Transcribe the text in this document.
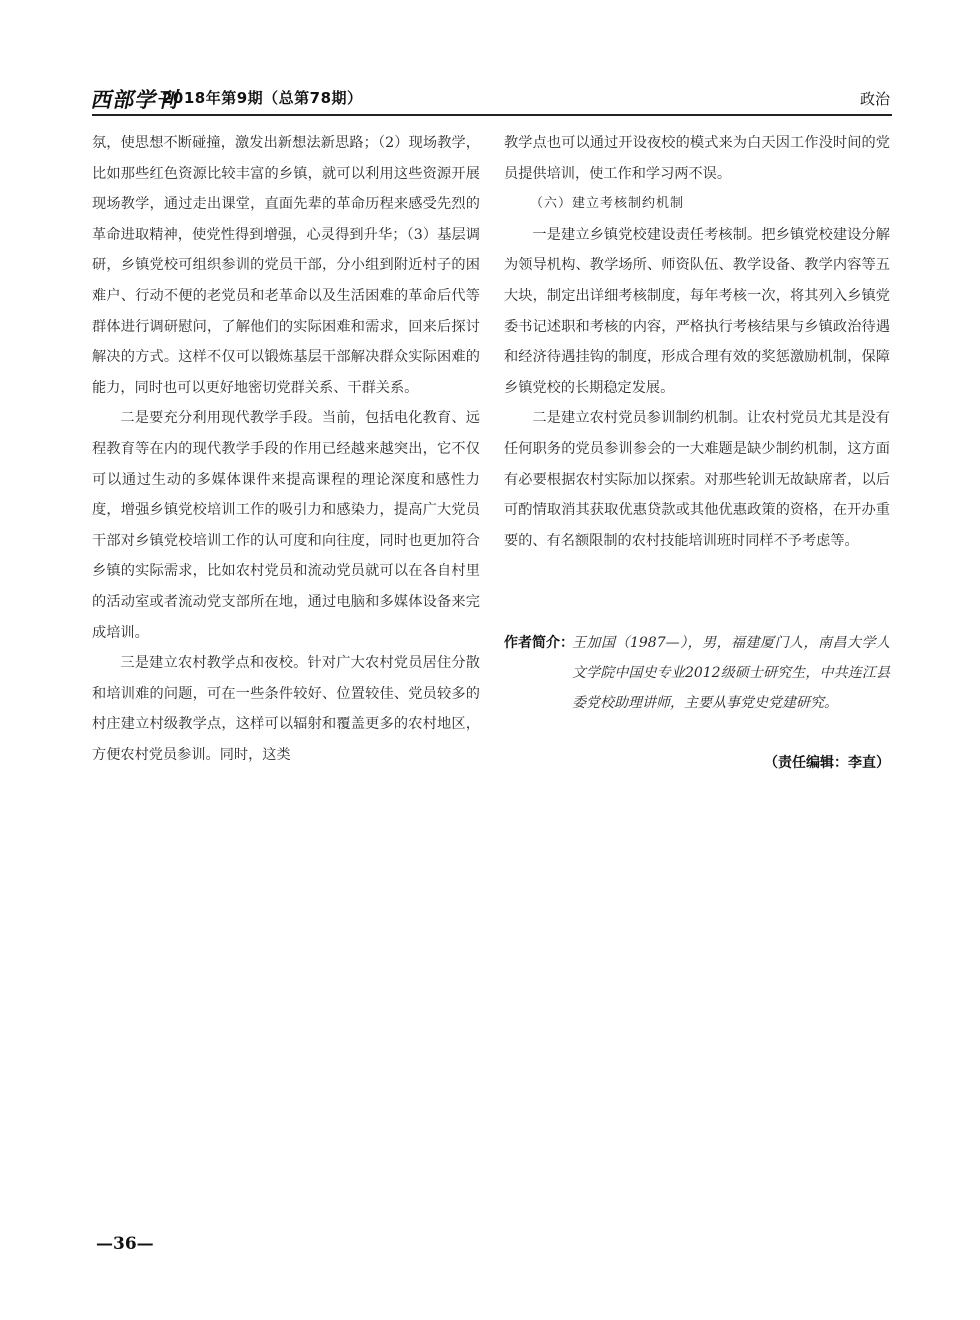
西部学刊
2018年第9期（总第78期）	政治

氛，使思想不断碰撞，激发出新想法新思路；（2）现场教学，比如那些红色资源比较丰富的乡镇，就可以利用这些资源开展现场教学，通过走出课堂，直面先辈的革命历程来感受先烈的革命进取精神，使党性得到增强，心灵得到升华；（3）基层调研，乡镇党校可组织参训的党员干部，分小组到附近村子的困难户、行动不便的老党员和老革命以及生活困难的革命后代等群体进行调研慰问，了解他们的实际困难和需求，回来后探讨解决的方式。这样不仅可以锻炼基层干部解决群众实际困难的能力，同时也可以更好地密切党群关系、干群关系。

二是要充分利用现代教学手段。当前，包括电化教育、远程教育等在内的现代教学手段的作用已经越来越突出，它不仅可以通过生动的多媒体课件来提高课程的理论深度和感性力度，增强乡镇党校培训工作的吸引力和感染力，提高广大党员干部对乡镇党校培训工作的认可度和向往度，同时也更加符合乡镇的实际需求，比如农村党员和流动党员就可以在各自村里的活动室或者流动党支部所在地，通过电脑和多媒体设备来完成培训。

三是建立农村教学点和夜校。针对广大农村党员居住分散和培训难的问题，可在一些条件较好、位置较佳、党员较多的村庄建立村级教学点，这样可以辐射和覆盖更多的农村地区，方便农村党员参训。同时，这类

教学点也可以通过开设夜校的模式来为白天因工作没时间的党员提供培训，使工作和学习两不误。

（六）建立考核制约机制

一是建立乡镇党校建设责任考核制。把乡镇党校建设分解为领导机构、教学场所、师资队伍、教学设备、教学内容等五大块，制定出详细考核制度，每年考核一次，将其列入乡镇党委书记述职和考核的内容，严格执行考核结果与乡镇政治待遇和经济待遇挂钩的制度，形成合理有效的奖惩激励机制，保障乡镇党校的长期稳定发展。

二是建立农村党员参训制约机制。让农村党员尤其是没有任何职务的党员参训参会的一大难题是缺少制约机制，这方面有必要根据农村实际加以探索。对那些轮训无故缺席者，以后可酌情取消其获取优惠贷款或其他优惠政策的资格，在开办重要的、有名额限制的农村技能培训班时同样不予考虑等。

作者简介：
王加国（1987—），男，福建厦门人，南昌大学人文学院中国史专业2012级硕士研究生，中共连江县委党校助理讲师，主要从事党史党建研究。
（责任编辑：李直）
—36—
